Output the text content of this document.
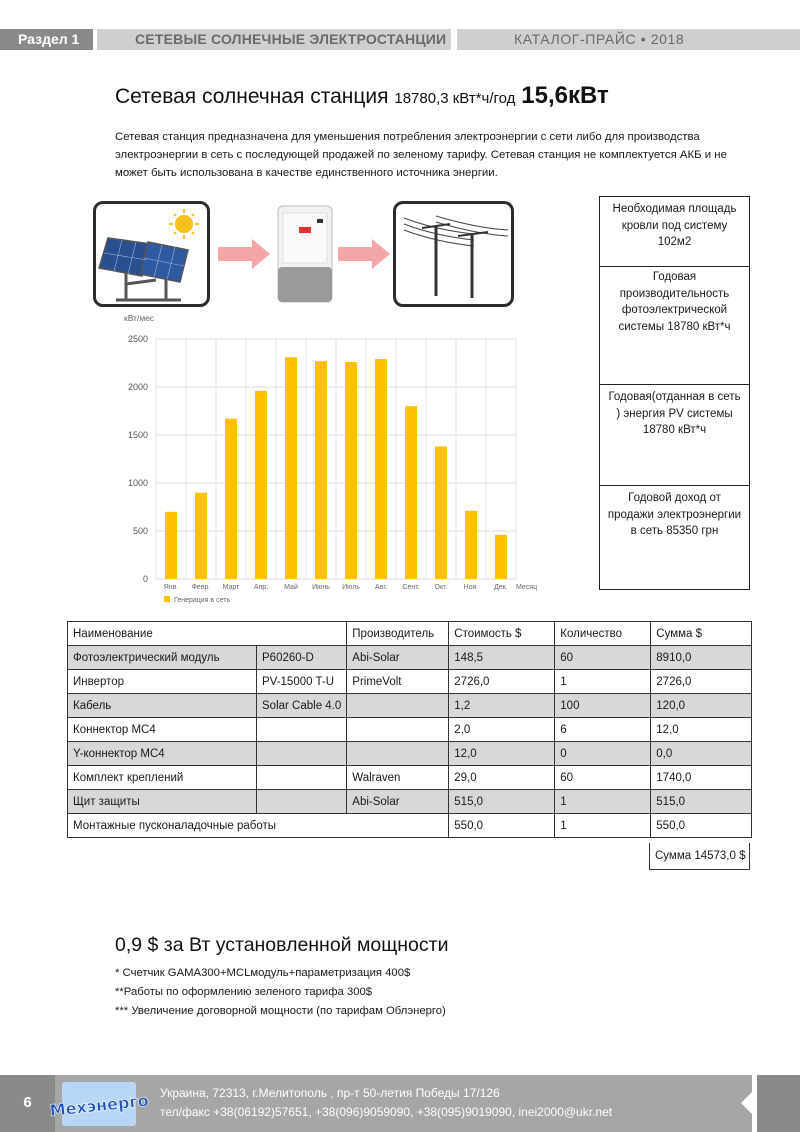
Раздел 1	СЕТЕВЫЕ СОЛНЕЧНЫЕ ЭЛЕКТРОСТАНЦИИ	КАТАЛОГ-ПРАЙС • 2018
Сетевая солнечная станция 18780,3 кВт*ч/год 15,6кВт
Сетевая станция предназначена для уменьшения потребления электроэнергии с сети либо для производства электроэнергии в сеть с последующей продажей по зеленому тарифу. Сетевая станция не комплектуется АКБ и не может быть использована в качестве единственного источника энергии.
Необходимая площадь кровли под систему 102м2
Годовая производительность фотоэлектрической системы 18780 кВт*ч
Годовая(отданная в сеть ) энергия PV системы 18780 кВт*ч
Годовой доход от продажи электроэнергии в сеть 85350 грн
кВт/мес
0
500
1000
1500
2000
2500
Янв. Февр. Март Апр. Май Июнь Июль Авг. Сент. Окт. Ноя. Дек. Месяц
Генерация в сеть
Наименование		Производитель	Стоимость $	Количество	Сумма $
Фотоэлектрический модуль	P60260-D	Abi-Solar	148,5	60	8910,0
Инвертор	PV-15000 T-U	PrimeVolt	2726,0	1	2726,0
Кабель	Solar Cable 4.0		1,2	100	120,0
Коннектор MC4			2,0	6	12,0
Y-коннектор MC4			12,0	0	0,0
Комплект креплений		Walraven	29,0	60	1740,0
Щит защиты		Abi-Solar	515,0	1	515,0
Монтажные пусконаладочные работы			550,0	1	550,0
Сумма 14573,0 $
0,9 $ за Вт установленной мощности
* Счетчик GAMA300+MCLмодуль+параметризация 400$
**Работы по оформлению зеленого тарифа 300$
*** Увеличение договорной мощности (по тарифам Облэнерго)
6	Мехэнерго Украина, 72313, г.Мелитополь , пр-т 50-летия Победы 17/126
тел/факс +38(06192)57651, +38(096)9059090, +38(095)9019090, inei2000@ukr.net
